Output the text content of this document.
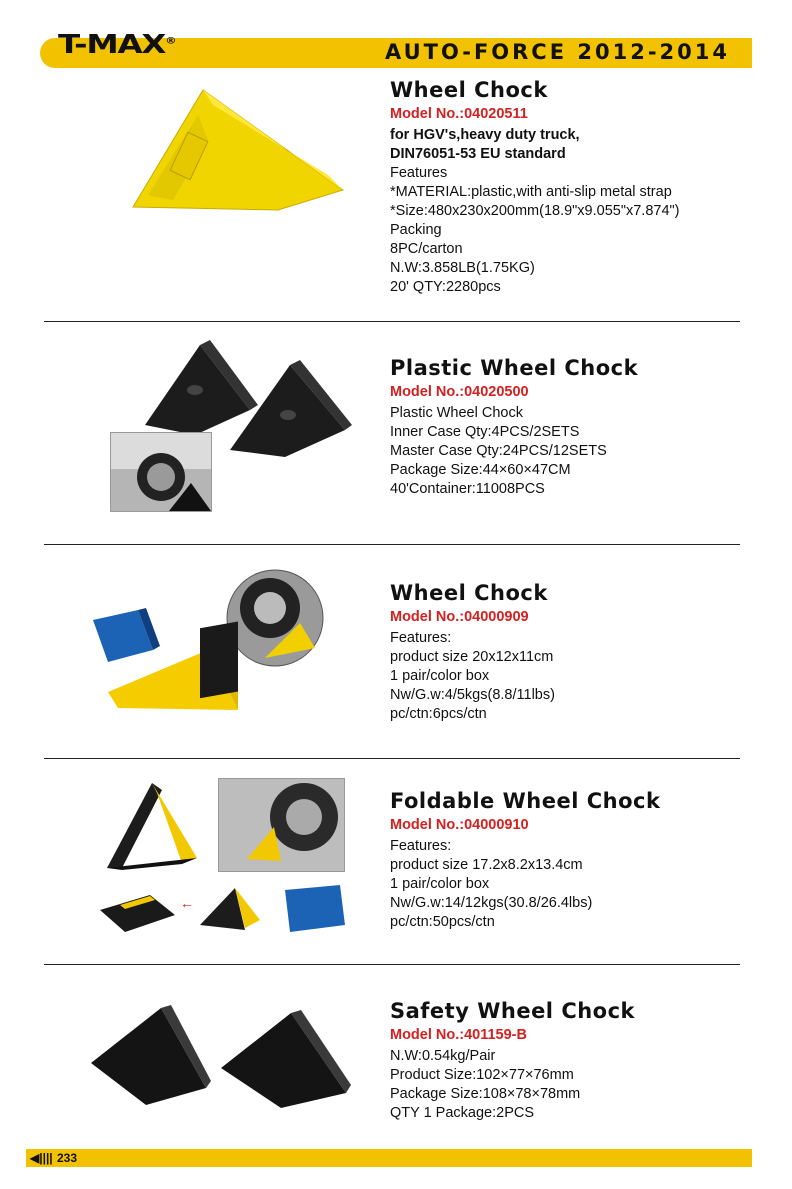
T-MAX®	AUTO-FORCE 2012-2014
Wheel Chock
Model No.:04020511
for HGV's,heavy duty truck,
DIN76051-53 EU standard
Features
*MATERIAL:plastic,with anti-slip metal strap
*Size:480x230x200mm(18.9"x9.055"x7.874")
Packing
8PC/carton
N.W:3.858LB(1.75KG)
20' QTY:2280pcs
Plastic Wheel Chock
Model No.:04020500
Plastic Wheel Chock
Inner Case Qty:4PCS/2SETS
Master Case Qty:24PCS/12SETS
Package Size:44×60×47CM
40'Container:11008PCS
Wheel Chock
Model No.:04000909
Features:
product size 20x12x11cm
1 pair/color box
Nw/G.w:4/5kgs(8.8/11lbs)
pc/ctn:6pcs/ctn
←
Foldable Wheel Chock
Model No.:04000910
Features:
product size 17.2x8.2x13.4cm
1 pair/color box
Nw/G.w:14/12kgs(30.8/26.4lbs)
pc/ctn:50pcs/ctn
Safety Wheel Chock
Model No.:401159-B
N.W:0.54kg/Pair
Product Size:102×77×76mm
Package Size:108×78×78mm
QTY 1 Package:2PCS
◀|||| 233
